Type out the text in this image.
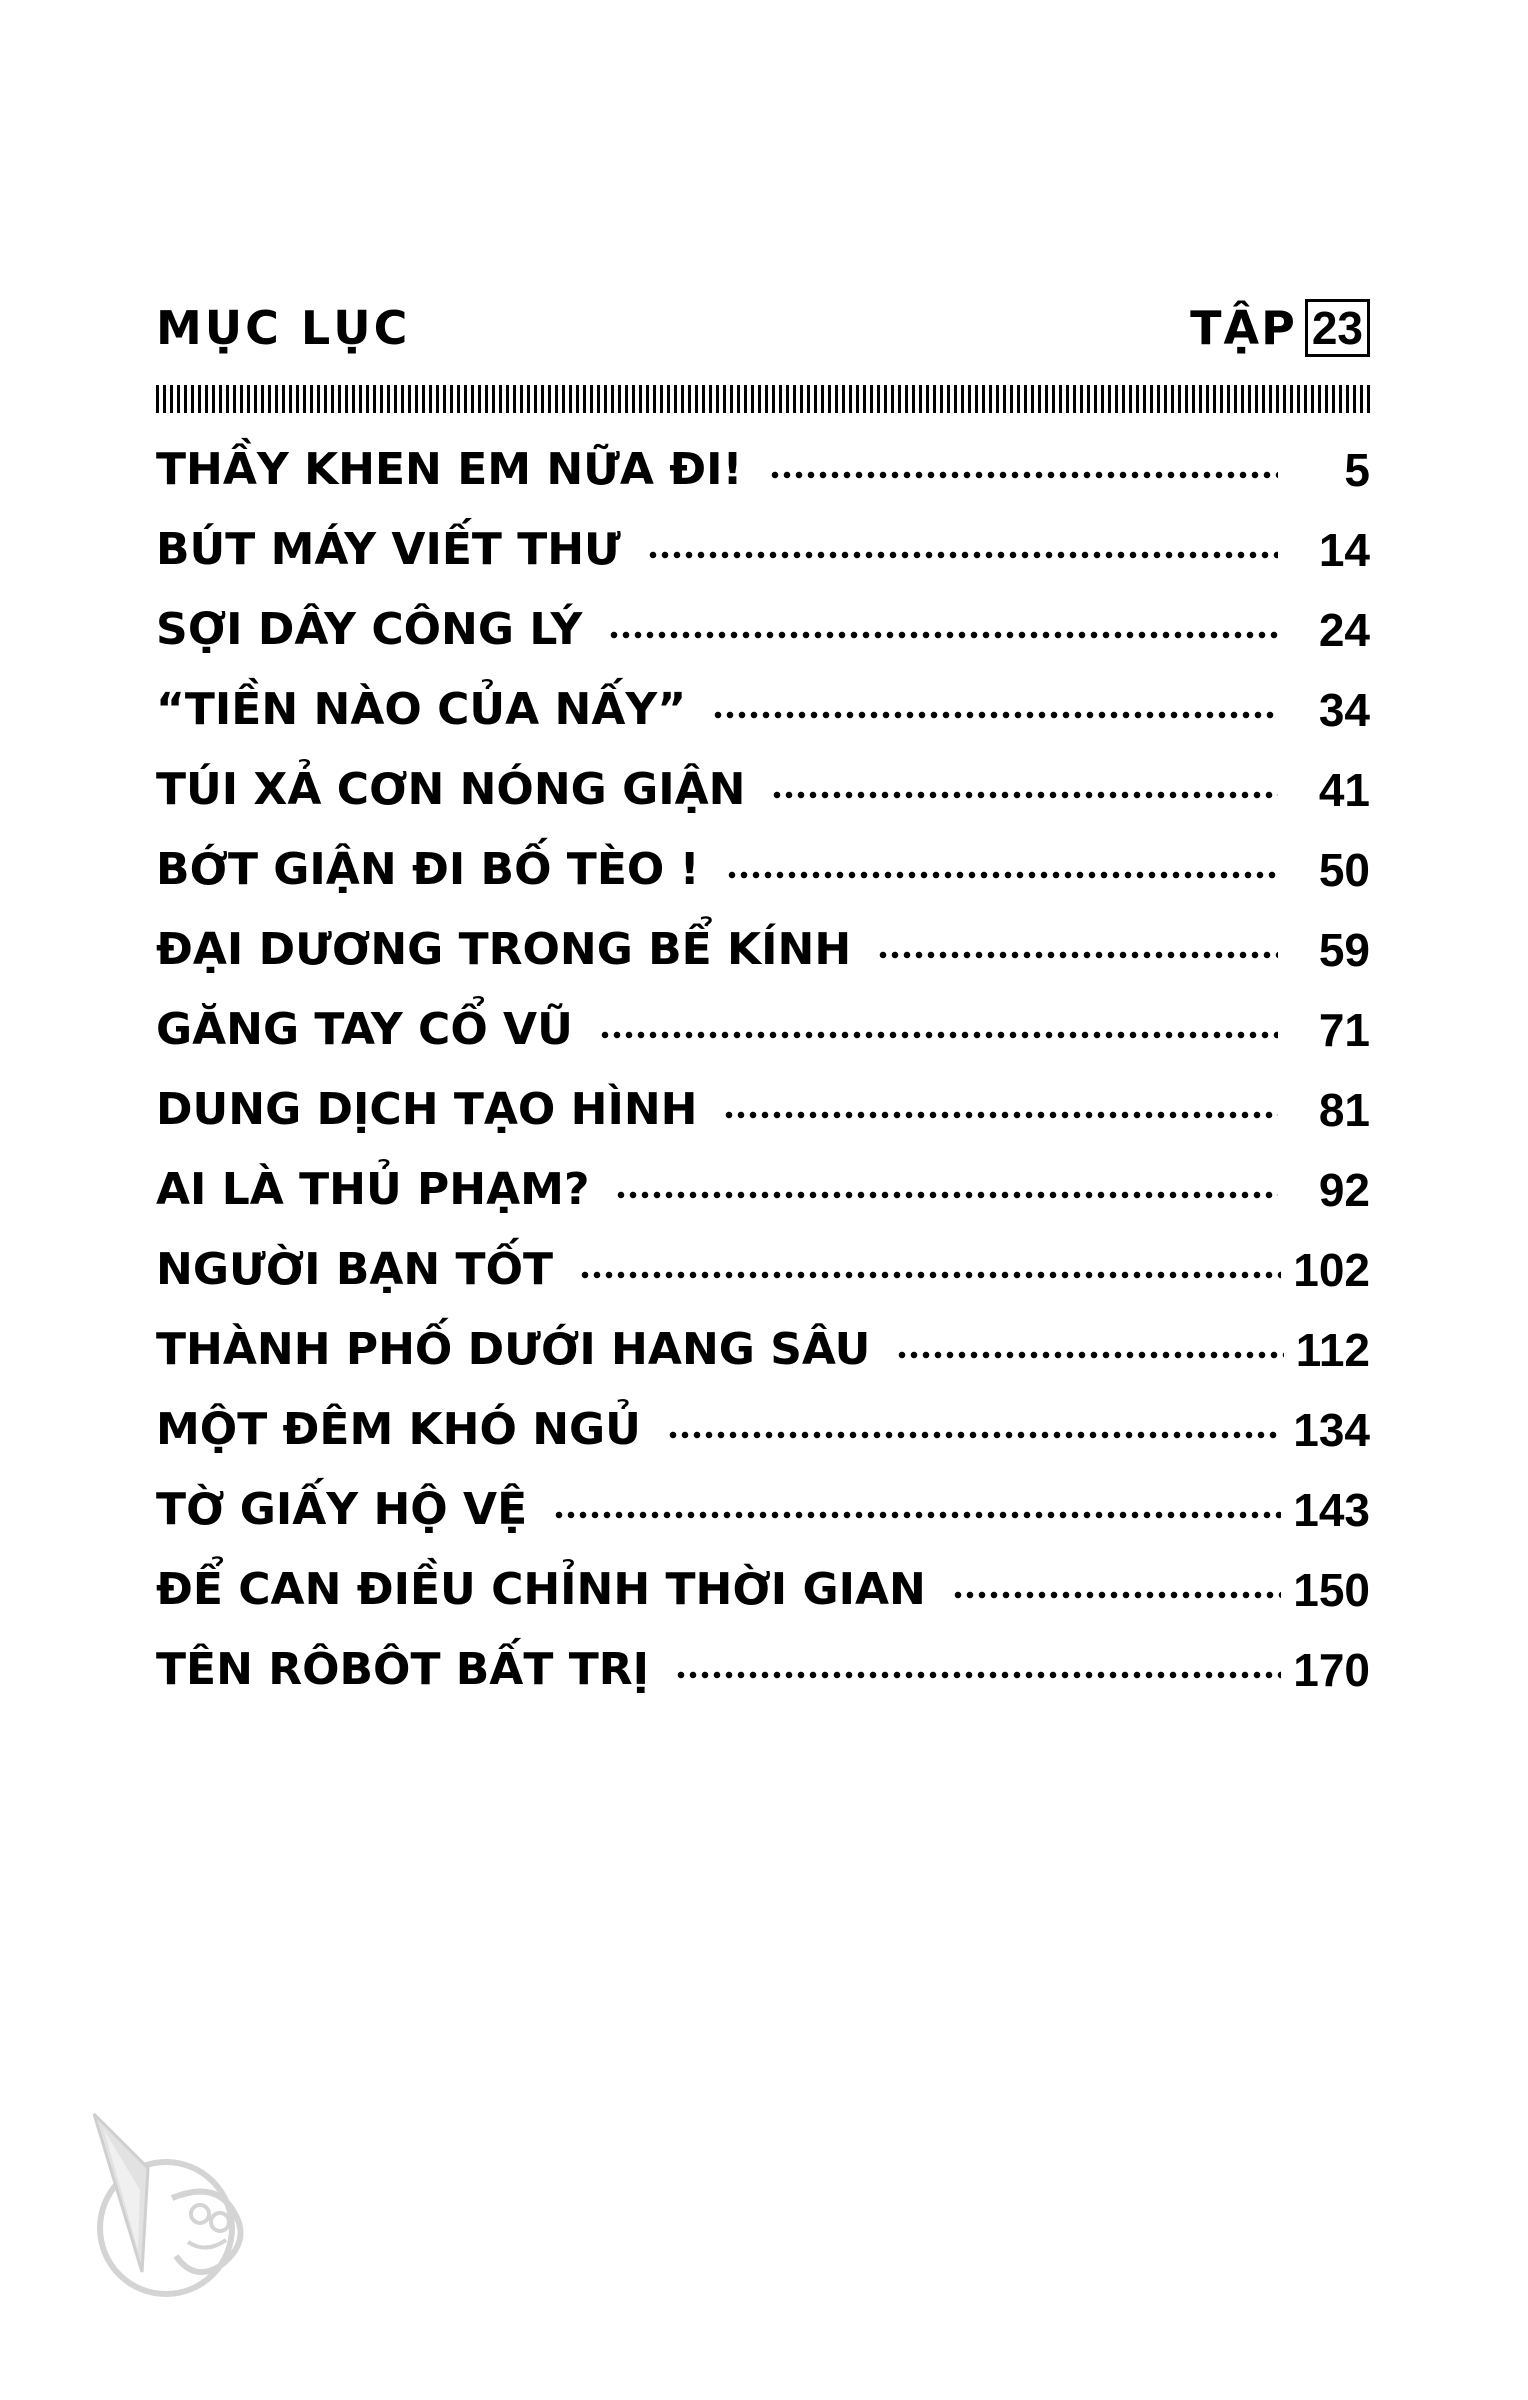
MỤC LỤC	TẬP 23
THẦY KHEN EM NỮA ĐI!	5
BÚT MÁY VIẾT THƯ	14
SỢI DÂY CÔNG LÝ	24
“TIỀN NÀO CỦA NẤY”	34
TÚI XẢ CƠN NÓNG GIẬN	41
BỚT GIẬN ĐI BỐ TÈO !	50
ĐẠI DƯƠNG TRONG BỂ KÍNH	59
GĂNG TAY CỔ VŨ	71
DUNG DỊCH TẠO HÌNH	81
AI LÀ THỦ PHẠM?	92
NGƯỜI BẠN TỐT	102
THÀNH PHỐ DƯỚI HANG SÂU	112
MỘT ĐÊM KHÓ NGỦ	134
TỜ GIẤY HỘ VỆ	143
ĐỂ CAN ĐIỀU CHỈNH THỜI GIAN	150
TÊN RÔBÔT BẤT TRỊ	170
